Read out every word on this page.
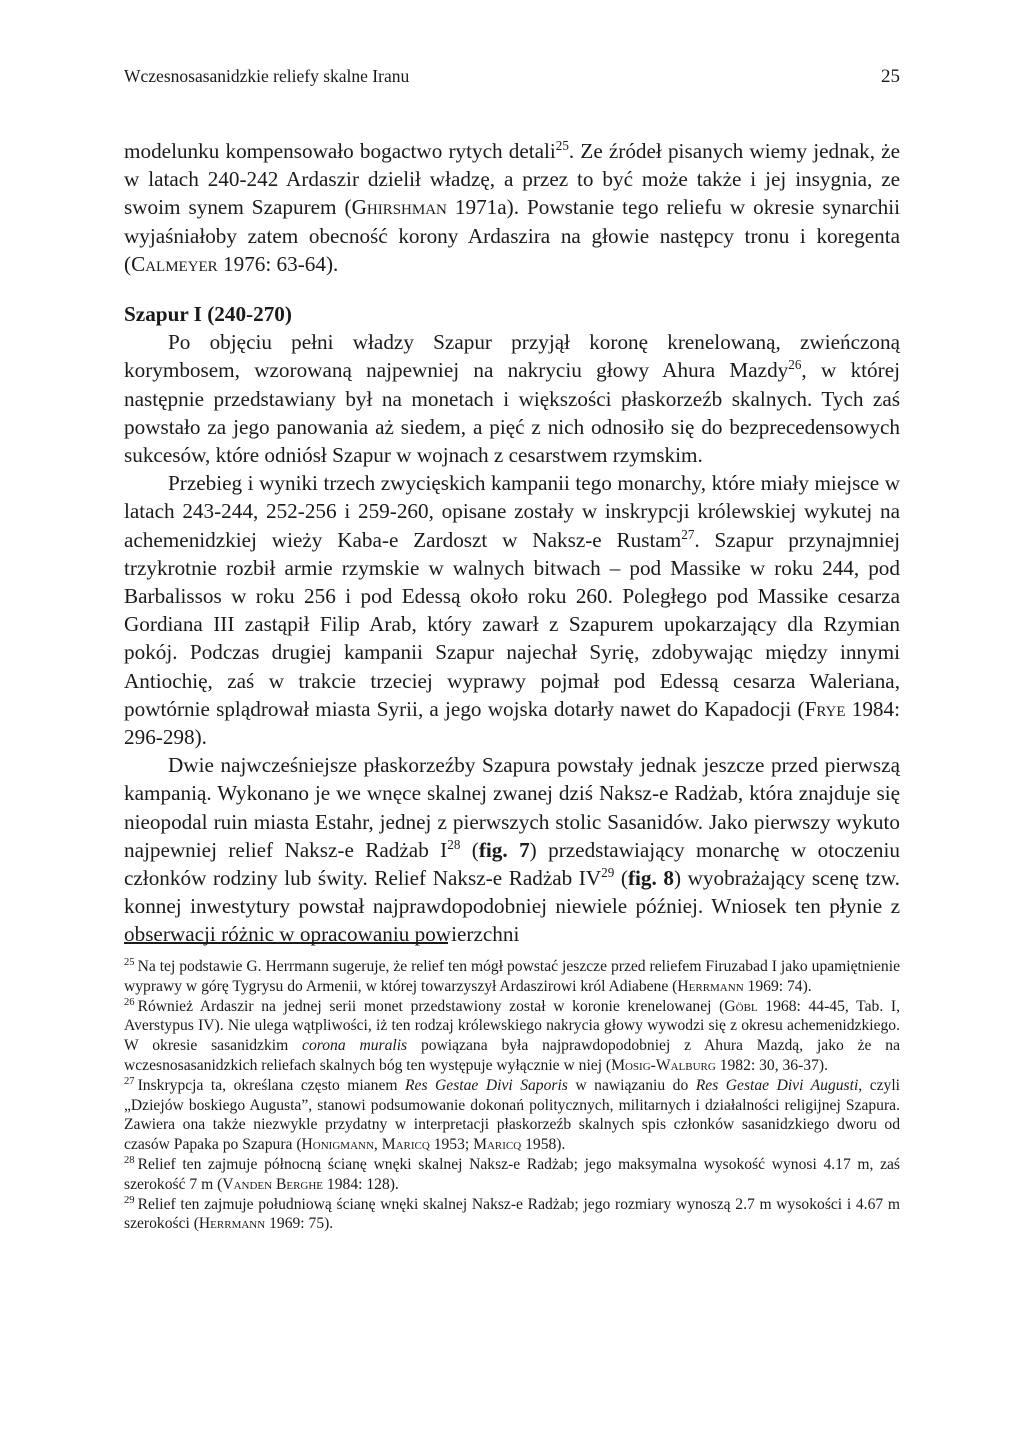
Wczesnosasanidzkie reliefy skalne Iranu	25

modelunku kompensowało bogactwo rytych detali$^{25}$. Ze źródeł pisanych wiemy jednak, że w latach 240-242 Ardaszir dzielił władzę, a przez to być może także i jej insygnia, ze swoim synem Szapurem (Ghirshman 1971a). Powstanie tego reliefu w okresie synarchii wyjaśniałoby zatem obecność korony Ardaszira na głowie następcy tronu i koregenta (Calmeyer 1976: 63-64).

Szapur I (240-270)

Po objęciu pełni władzy Szapur przyjął koronę krenelowaną, zwieńczoną korymbosem, wzorowaną najpewniej na nakryciu głowy Ahura Mazdy$^{26}$, w której następnie przedstawiany był na monetach i większości płaskorzeźb skalnych. Tych zaś powstało za jego panowania aż siedem, a pięć z nich odnosiło się do bezprecedensowych sukcesów, które odniósł Szapur w wojnach z cesarstwem rzymskim.

Przebieg i wyniki trzech zwycięskich kampanii tego monarchy, które miały miejsce w latach 243-244, 252-256 i 259-260, opisane zostały w inskrypcji królewskiej wykutej na achemenidzkiej wieży Kaba-e Zardoszt w Naksz-e Rustam$^{27}$. Szapur przynajmniej trzykrotnie rozbił armie rzymskie w walnych bitwach – pod Massike w roku 244, pod Barbalissos w roku 256 i pod Edessą około roku 260. Poległego pod Massike cesarza Gordiana III zastąpił Filip Arab, który zawarł z Szapurem upokarzający dla Rzymian pokój. Podczas drugiej kampanii Szapur najechał Syrię, zdobywając między innymi Antiochię, zaś w trakcie trzeciej wyprawy pojmał pod Edessą cesarza Waleriana, powtórnie splądrował miasta Syrii, a jego wojska dotarły nawet do Kapadocji (Frye 1984: 296-298).

Dwie najwcześniejsze płaskorzeźby Szapura powstały jednak jeszcze przed pierwszą kampanią. Wykonano je we wnęce skalnej zwanej dziś Naksz-e Radżab, która znajduje się nieopodal ruin miasta Estahr, jednej z pierwszych stolic Sasanidów. Jako pierwszy wykuto najpewniej relief Naksz-e Radżab $I^{28}$ (fig. 7) przedstawiający monarchę w otoczeniu członków rodziny lub świty. Relief Naksz-e Radżab IV$^{29}$ (fig. 8) wyobrażający scenę tzw. konnej inwestytury powstał najprawdopodobniej niewiele później. Wniosek ten płynie z obserwacji różnic w opracowaniu powierzchni

$^{25}$ Na tej podstawie G. Herrmann sugeruje, że relief ten mógł powstać jeszcze przed reliefem Firuzabad I jako upamiętnienie wyprawy w górę Tygrysu do Armenii, w której towarzyszył Ardaszirowi król Adiabene (Herrmann 1969: 74).

$^{26}$ Również Ardaszir na jednej serii monet przedstawiony został w koronie krenelowanej (Göbl 1968: 44-45, Tab. I, Averstypus IV). Nie ulega wątpliwości, iż ten rodzaj królewskiego nakrycia głowy wywodzi się z okresu achemenidzkiego. W okresie sasanidzkim corona muralis powiązana była najprawdopodobniej z Ahura Mazdą, jako że na wczesnosasanidzkich reliefach skalnych bóg ten występuje wyłącznie w niej (Mosig-Walburg 1982: 30, 36-37).

$^{27}$ Inskrypcja ta, określana często mianem Res Gestae Divi Saporis w nawiązaniu do Res Gestae Divi Augusti, czyli „Dziejów boskiego Augusta”, stanowi podsumowanie dokonań politycznych, militarnych i działalności religijnej Szapura. Zawiera ona także niezwykle przydatny w interpretacji płaskorzeźb skalnych spis członków sasanidzkiego dworu od czasów Papaka po Szapura (Honigmann, Maricq 1953; Maricq 1958).

$^{28}$ Relief ten zajmuje północną ścianę wnęki skalnej Naksz-e Radżab; jego maksymalna wysokość wynosi 4.17 m, zaś szerokość 7 m (Vanden Berghe 1984: 128).

$^{29}$ Relief ten zajmuje południową ścianę wnęki skalnej Naksz-e Radżab; jego rozmiary wynoszą 2.7 m wysokości i 4.67 m szerokości (Herrmann 1969: 75).
